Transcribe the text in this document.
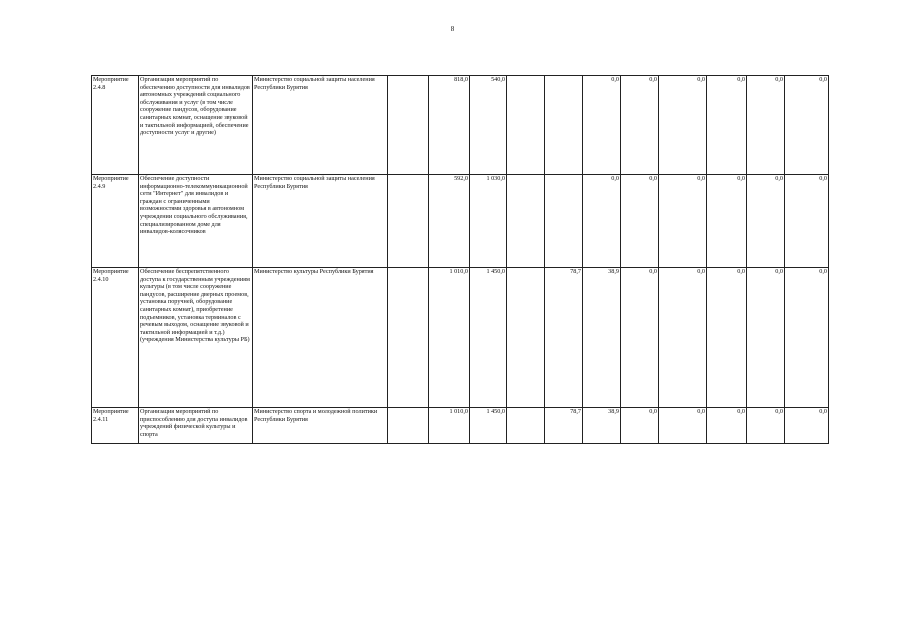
8
Мероприятие 2.4.8	Организация мероприятий по обеспечению доступности для инвалидов автономных учреждений социального обслуживания и услуг (в том числе сооружение пандусов, оборудование санитарных комнат, оснащение звуковой и тактильной информацией, обеспечение доступности услуг и другие)	Министерство социальной защиты населения Республики Бурятия		818,0	540,0			0,0	0,0	0,0	0,0	0,0	0,0
Мероприятие 2.4.9	Обеспечение доступности информационно-телекоммуникационной сети "Интернет" для инвалидов и граждан с ограниченными возможностями здоровья в автономном учреждении социального обслуживания, специализированном доме для инвалидов-колясочников	Министерство социальной защиты населения Республики Бурятия		592,0	1 030,0			0,0	0,0	0,0	0,0	0,0	0,0
Мероприятие 2.4.10	Обеспечение беспрепятственного доступа к государственным учреждениям культуры (в том числе сооружение пандусов, расширение дверных проемов, установка поручней, оборудование санитарных комнат), приобретение подъемников, установка терминалов с речевым выходом, оснащение звуковой и тактильной информацией и т.д.) (учреждения Министерства культуры РБ)	Министерство культуры Республики Бурятия		1 010,0	1 450,0		78,7	38,9	0,0	0,0	0,0	0,0	0,0
Мероприятие 2.4.11	Организация мероприятий по приспособлению для доступа инвалидов учреждений физической культуры и спорта	Министерство спорта и молодежной политики Республики Бурятия		1 010,0	1 450,0		78,7	38,9	0,0	0,0	0,0	0,0	0,0
